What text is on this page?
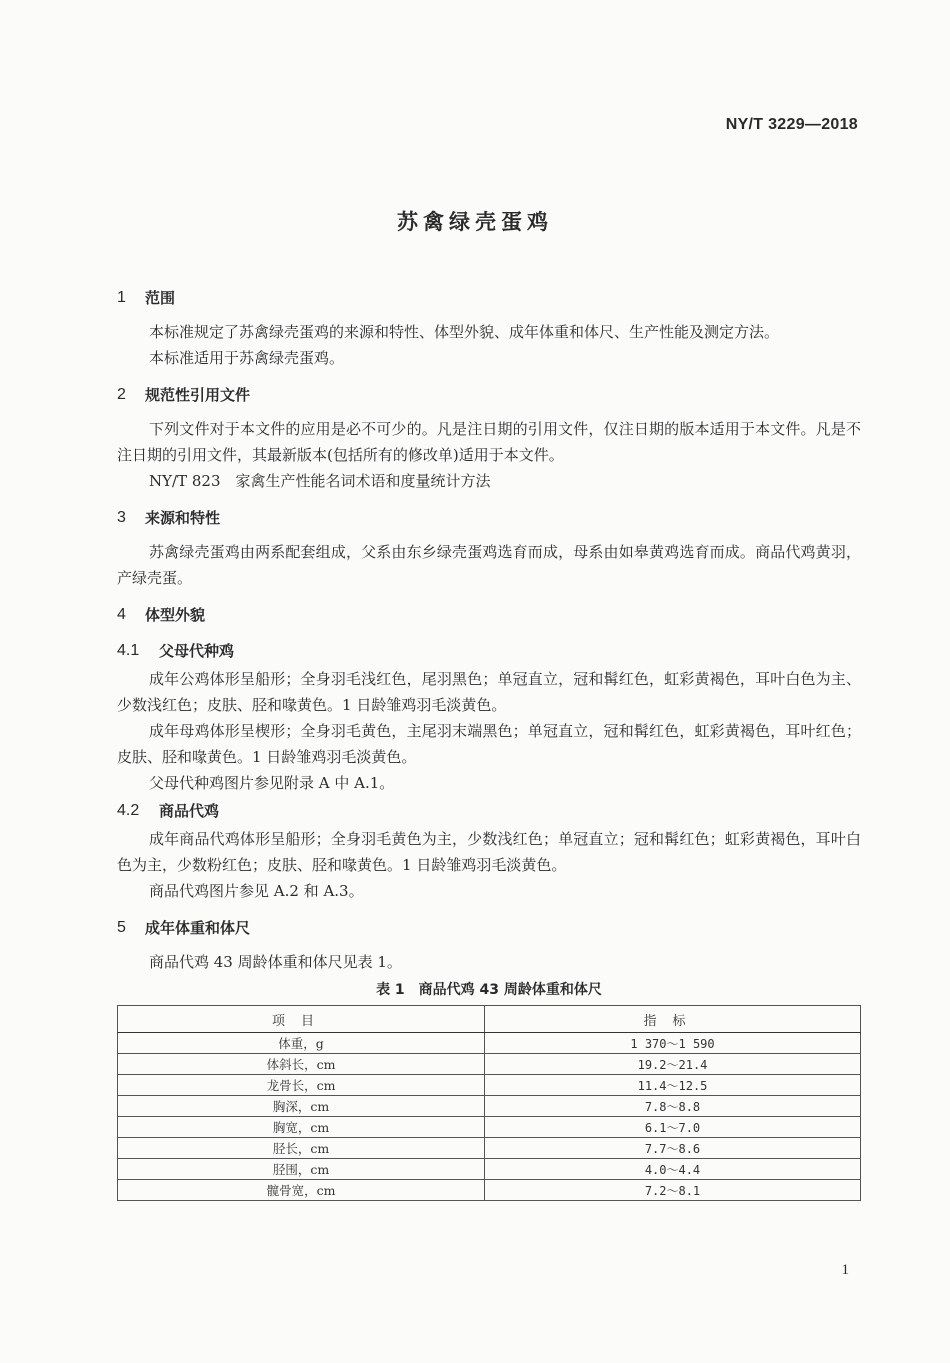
NY/T 3229—2018
苏禽绿壳蛋鸡
1	范围

本标准规定了苏禽绿壳蛋鸡的来源和特性、体型外貌、成年体重和体尺、生产性能及测定方法。

本标准适用于苏禽绿壳蛋鸡。

2	规范性引用文件

下列文件对于本文件的应用是必不可少的。凡是注日期的引用文件，仅注日期的版本适用于本文件。凡是不注日期的引用文件，其最新版本(包括所有的修改单)适用于本文件。

NY/T 823　家禽生产性能名词术语和度量统计方法

3	来源和特性

苏禽绿壳蛋鸡由两系配套组成，父系由东乡绿壳蛋鸡选育而成，母系由如皋黄鸡选育而成。商品代鸡黄羽，产绿壳蛋。

4	体型外貌
4.1	父母代种鸡

成年公鸡体形呈船形；全身羽毛浅红色，尾羽黑色；单冠直立，冠和髯红色，虹彩黄褐色，耳叶白色为主、少数浅红色；皮肤、胫和喙黄色。1 日龄雏鸡羽毛淡黄色。

成年母鸡体形呈楔形；全身羽毛黄色，主尾羽末端黑色；单冠直立，冠和髯红色，虹彩黄褐色，耳叶红色；皮肤、胫和喙黄色。1 日龄雏鸡羽毛淡黄色。

父母代种鸡图片参见附录 A 中 A.1。

4.2	商品代鸡

成年商品代鸡体形呈船形；全身羽毛黄色为主，少数浅红色；单冠直立；冠和髯红色；虹彩黄褐色，耳叶白色为主，少数粉红色；皮肤、胫和喙黄色。1 日龄雏鸡羽毛淡黄色。

商品代鸡图片参见 A.2 和 A.3。

5	成年体重和体尺

商品代鸡 43 周龄体重和体尺见表 1。

表 1　商品代鸡 43 周龄体重和体尺
项目	指标
体重，g	1 370～1 590
体斜长，cm	19.2～21.4
龙骨长，cm	11.4～12.5
胸深，cm	7.8～8.8
胸宽，cm	6.1～7.0
胫长，cm	7.7～8.6
胫围，cm	4.0～4.4
髋骨宽，cm	7.2～8.1
1
